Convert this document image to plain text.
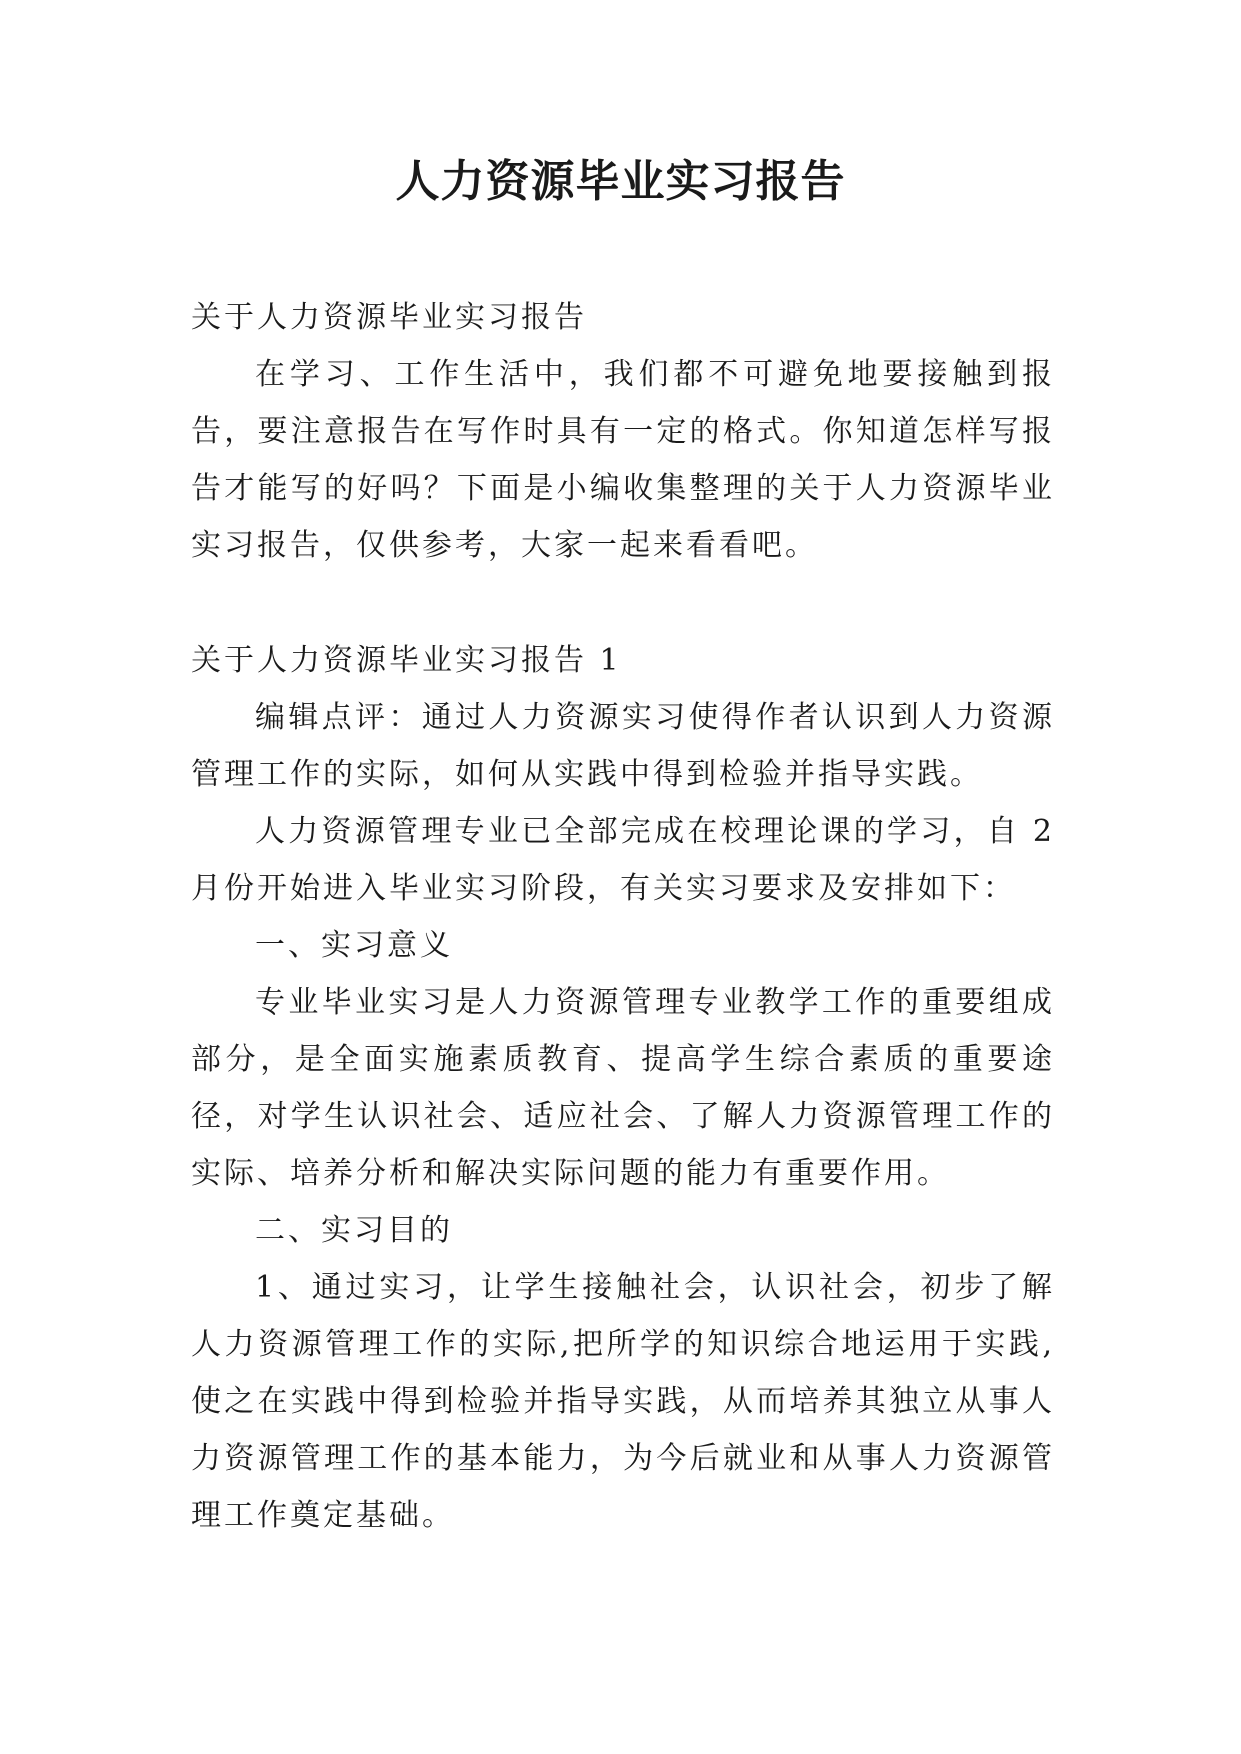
人力资源毕业实习报告

关于人力资源毕业实习报告

在学习、工作生活中，我们都不可避免地要接触到报告，要注意报告在写作时具有一定的格式。你知道怎样写报告才能写的好吗？下面是小编收集整理的关于人力资源毕业实习报告，仅供参考，大家一起来看看吧。

关于人力资源毕业实习报告 1

编辑点评：通过人力资源实习使得作者认识到人力资源管理工作的实际，如何从实践中得到检验并指导实践。

人力资源管理专业已全部完成在校理论课的学习，自 2 月份开始进入毕业实习阶段，有关实习要求及安排如下：

一、实习意义

专业毕业实习是人力资源管理专业教学工作的重要组成部分，是全面实施素质教育、提高学生综合素质的重要途径，对学生认识社会、适应社会、了解人力资源管理工作的实际、培养分析和解决实际问题的能力有重要作用。

二、实习目的

1、通过实习，让学生接触社会，认识社会，初步了解人力资源管理工作的实际,把所学的知识综合地运用于实践,使之在实践中得到检验并指导实践，从而培养其独立从事人力资源管理工作的基本能力，为今后就业和从事人力资源管理工作奠定基础。
